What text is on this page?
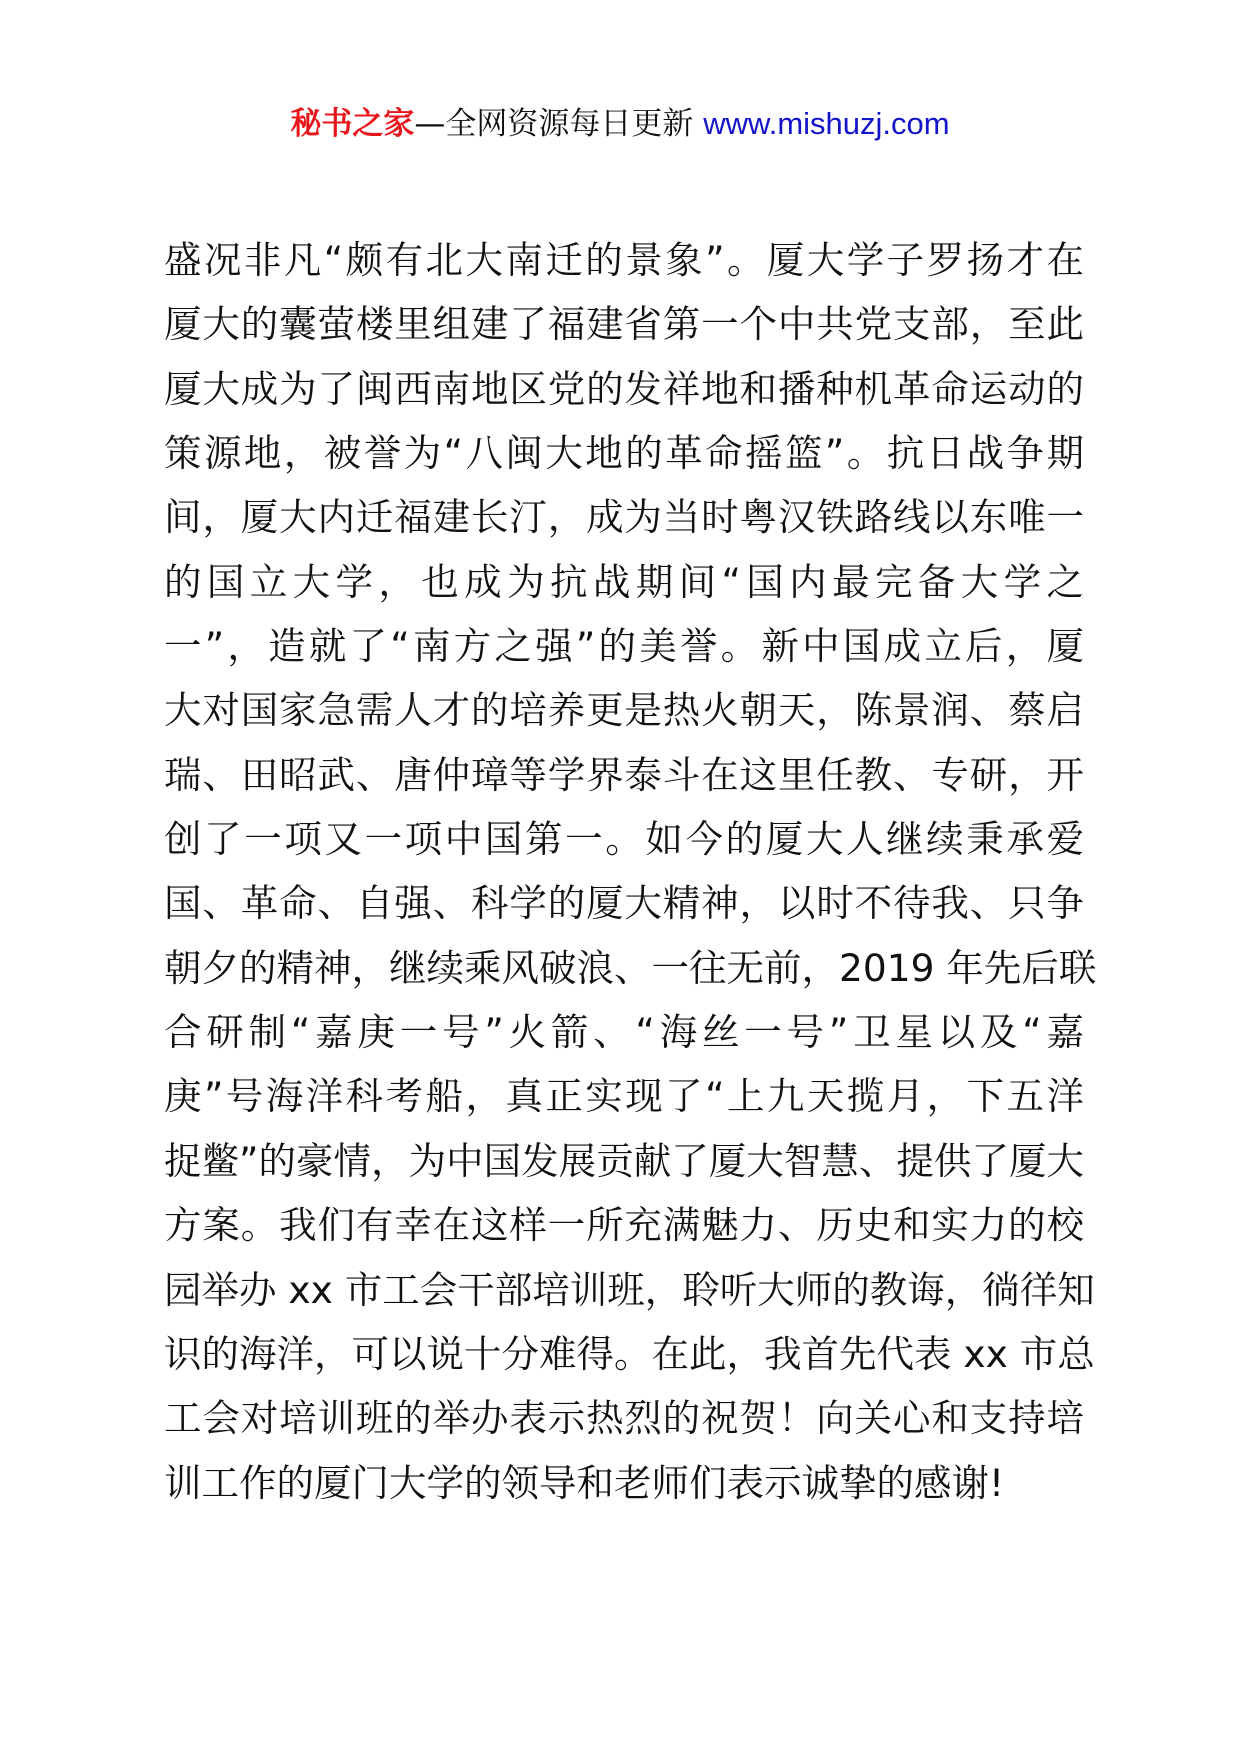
秘书之家—全网资源每日更新 www.mishuzj.com
盛况非凡“颇有北大南迁的景象”。厦大学子罗扬才在
厦大的囊萤楼里组建了福建省第一个中共党支部，至此
厦大成为了闽西南地区党的发祥地和播种机革命运动的
策源地，被誉为“八闽大地的革命摇篮”。抗日战争期
间，厦大内迁福建长汀，成为当时粤汉铁路线以东唯一
的国立大学，也成为抗战期间“国内最完备大学之
一”，造就了“南方之强”的美誉。新中国成立后，厦
大对国家急需人才的培养更是热火朝天，陈景润、蔡启
瑞、田昭武、唐仲璋等学界泰斗在这里任教、专研，开
创了一项又一项中国第一。如今的厦大人继续秉承爱
国、革命、自强、科学的厦大精神，以时不待我、只争
朝夕的精神，继续乘风破浪、一往无前，2019 年先后联
合研制“嘉庚一号”火箭、“海丝一号”卫星以及“嘉
庚”号海洋科考船，真正实现了“上九天揽月，下五洋
捉鳖”的豪情，为中国发展贡献了厦大智慧、提供了厦大
方案。我们有幸在这样一所充满魅力、历史和实力的校
园举办 xx 市工会干部培训班，聆听大师的教诲，徜徉知
识的海洋，可以说十分难得。在此，我首先代表 xx 市总
工会对培训班的举办表示热烈的祝贺！向关心和支持培
训工作的厦门大学的领导和老师们表示诚挚的感谢!
